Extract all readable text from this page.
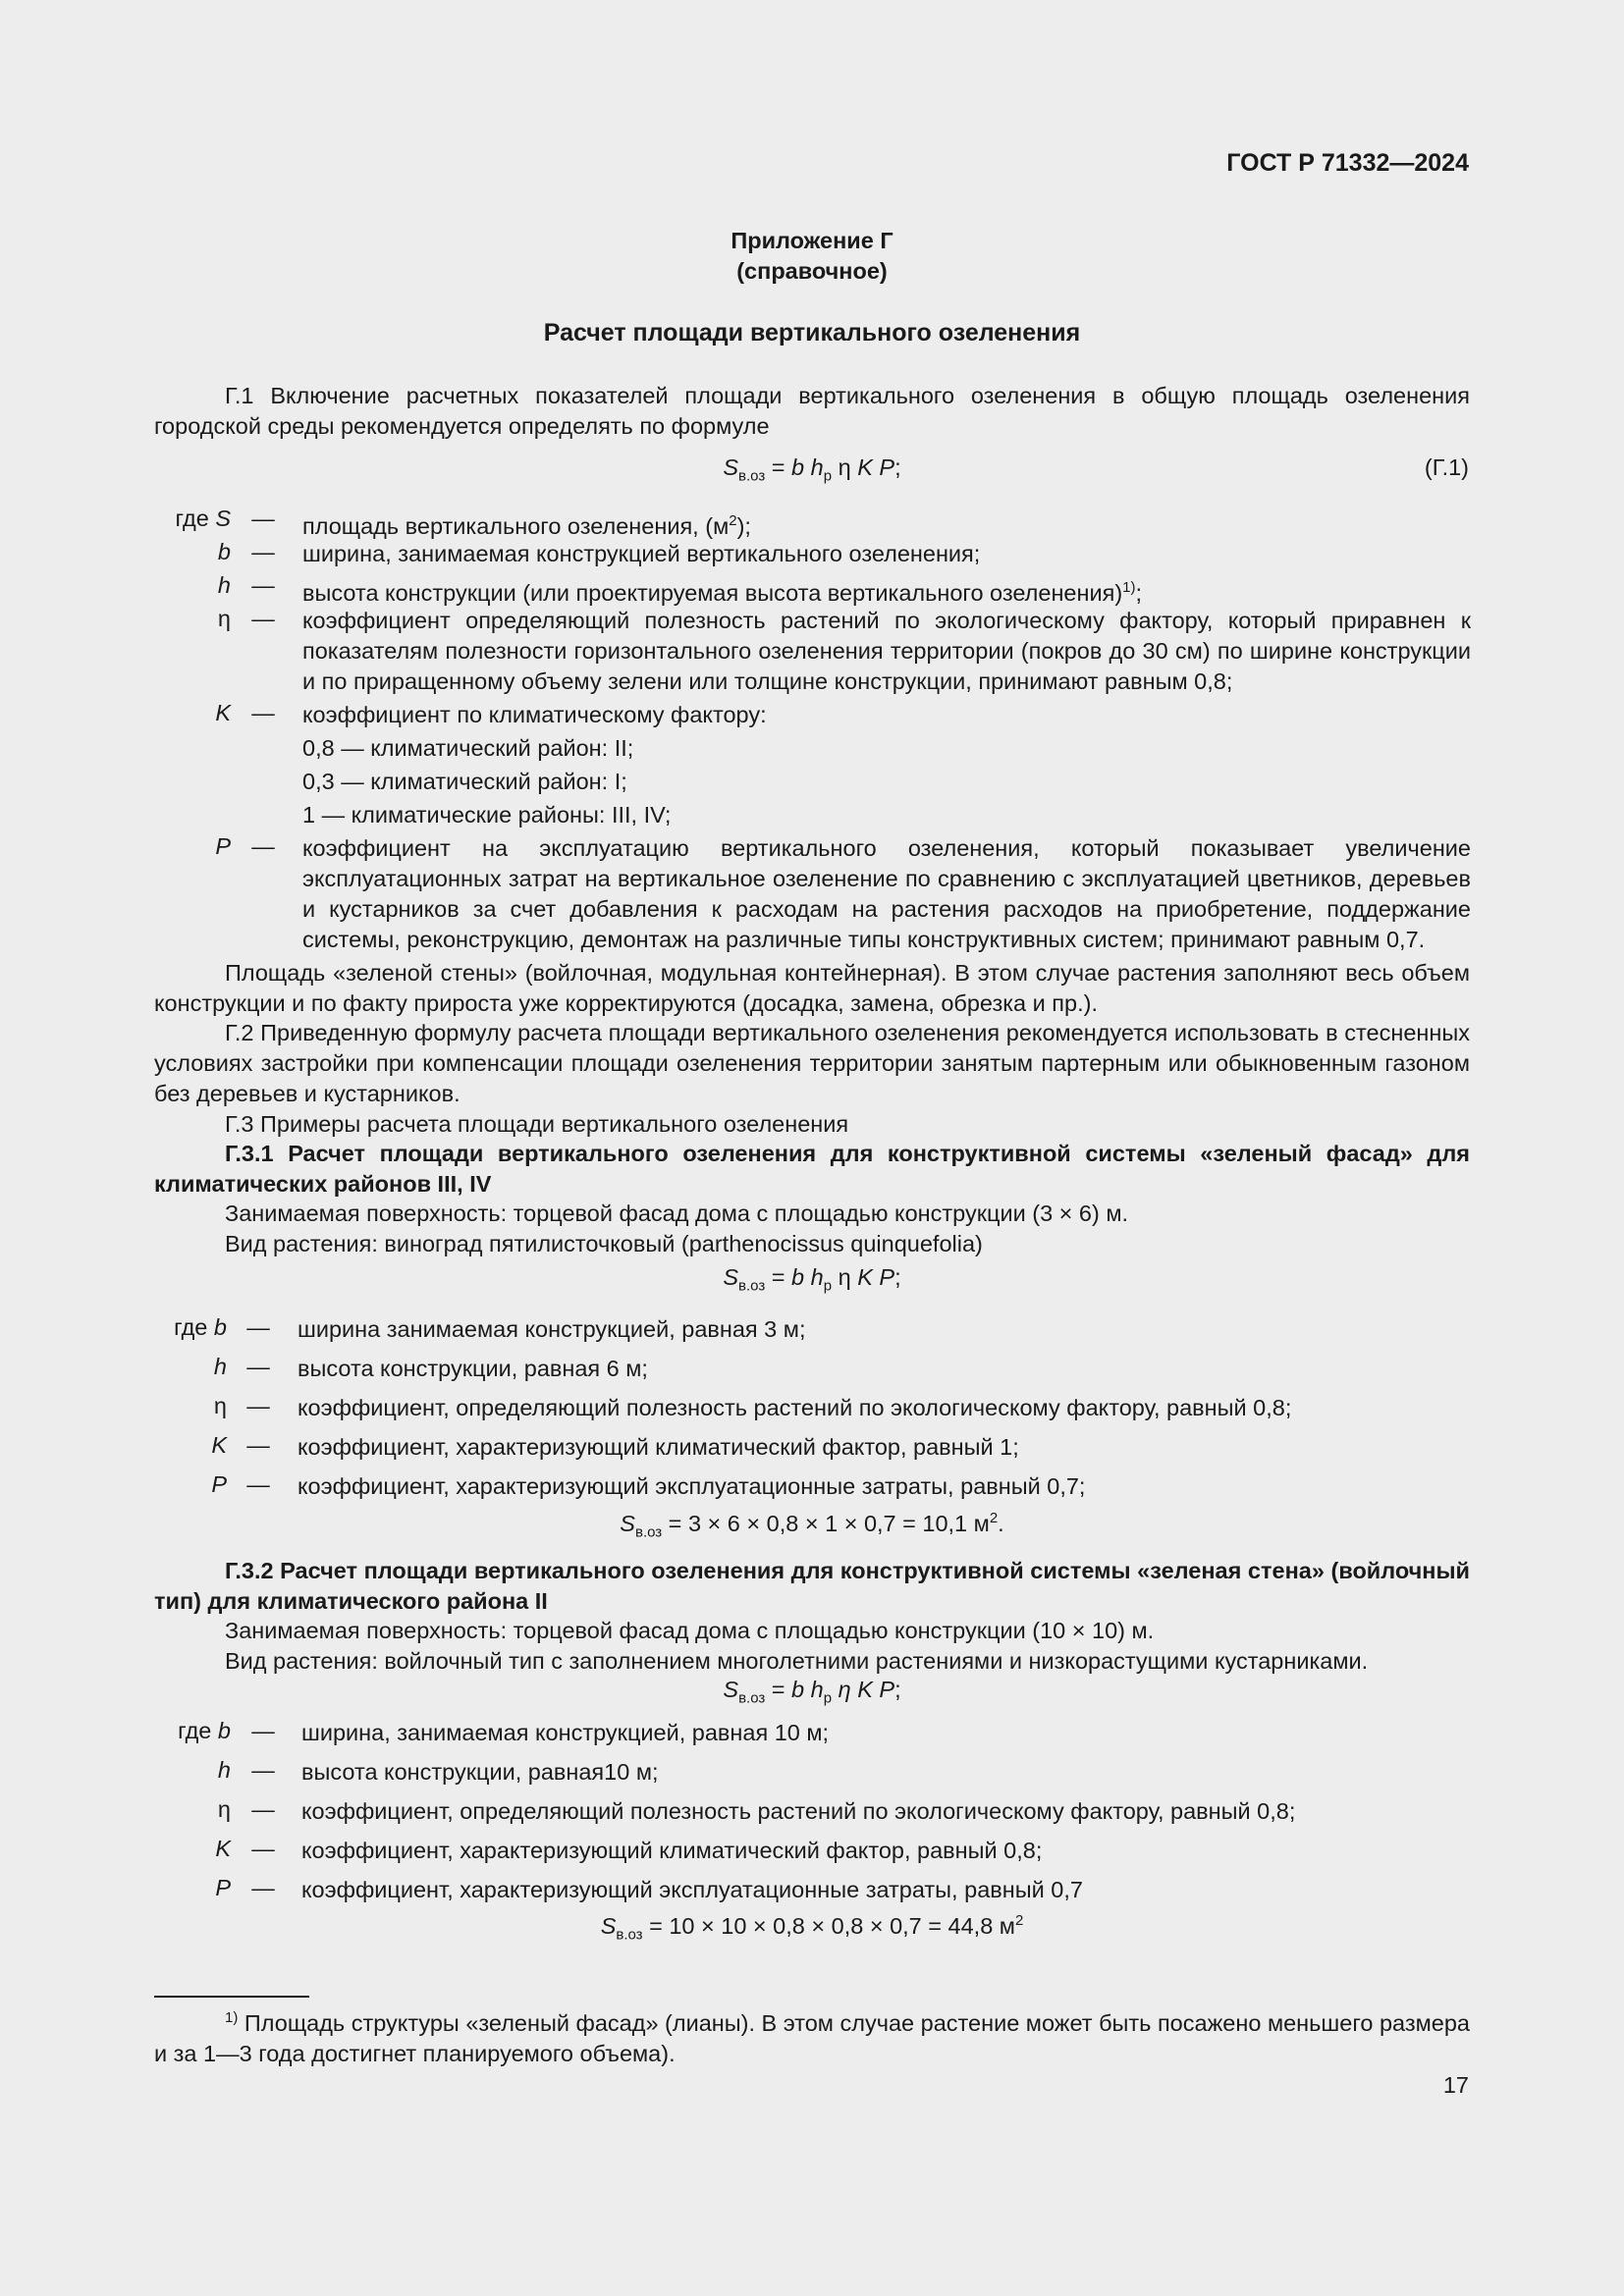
ГОСТ Р 71332—2024
Приложение Г
(справочное)
Расчет площади вертикального озеленения
Г.1 Включение расчетных показателей площади вертикального озеленения в общую площадь озеленения городской среды рекомендуется определять по формуле
$S_{в.оз} = b$ $h_р$ η K P;	(Г.1)
где S — площадь вертикального озеленения, $(м^2)$;
b — ширина, занимаемая конструкцией вертикального озеленения;
h — высота конструкции (или проектируемая высота вертикального озеленения)$^{1)}$;
η — коэффициент определяющий полезность растений по экологическому фактору, который приравнен к показателям полезности горизонтального озеленения территории (покров до 30 см) по ширине конструкции и по приращенному объему зелени или толщине конструкции, принимают равным 0,8;
K — коэффициент по климатическому фактору:
0,8 — климатический район: II;
0,3 — климатический район: I;
1 — климатические районы: III, IV;
P — коэффициент на эксплуатацию вертикального озеленения, который показывает увеличение эксплуатационных затрат на вертикальное озеленение по сравнению с эксплуатацией цветников, деревьев и кустарников за счет добавления к расходам на растения расходов на приобретение, поддержание системы, реконструкцию, демонтаж на различные типы конструктивных систем; принимают равным 0,7.
Площадь «зеленой стены» (войлочная, модульная контейнерная). В этом случае растения заполняют весь объем конструкции и по факту прироста уже корректируются (досадка, замена, обрезка и пр.).
Г.2 Приведенную формулу расчета площади вертикального озеленения рекомендуется использовать в стесненных условиях застройки при компенсации площади озеленения территории занятым партерным или обыкновенным газоном без деревьев и кустарников.
Г.3 Примеры расчета площади вертикального озеленения
Г.3.1 Расчет площади вертикального озеленения для конструктивной системы «зеленый фасад» для климатических районов III, IV
Занимаемая поверхность: торцевой фасад дома с площадью конструкции (3 × 6) м.
Вид растения: виноград пятилисточковый (parthenocissus quinquefolia)
$S_{в.оз} = b$ $h_р$ η K P;
где b — ширина занимаемая конструкцией, равная 3 м;
h — высота конструкции, равная 6 м;
η — коэффициент, определяющий полезность растений по экологическому фактору, равный 0,8;
K — коэффициент, характеризующий климатический фактор, равный 1;
P — коэффициент, характеризующий эксплуатационные затраты, равный 0,7;
$S_{в.оз} = 3 \times 6 \times 0,8 \times 1 \times 0,7 = 10,1$ $м^2$.
Г.3.2 Расчет площади вертикального озеленения для конструктивной системы «зеленая стена» (войлочный тип) для климатического района II
Занимаемая поверхность: торцевой фасад дома с площадью конструкции (10 × 10) м.
Вид растения: войлочный тип с заполнением многолетними растениями и низкорастущими кустарниками.
$S_{в.оз} = b$ $h_р$ η K P;
где b — ширина, занимаемая конструкцией, равная 10 м;
h — высота конструкции, равная10 м;
η — коэффициент, определяющий полезность растений по экологическому фактору, равный 0,8;
K — коэффициент, характеризующий климатический фактор, равный 0,8;
P — коэффициент, характеризующий эксплуатационные затраты, равный 0,7
$S_{в.оз} = 10 \times 10 \times 0,8 \times 0,8 \times 0,7 = 44,8$ $м^2$
$^{1)}$ Площадь структуры «зеленый фасад» (лианы). В этом случае растение может быть посажено меньшего размера и за 1—3 года достигнет планируемого объема).
17
